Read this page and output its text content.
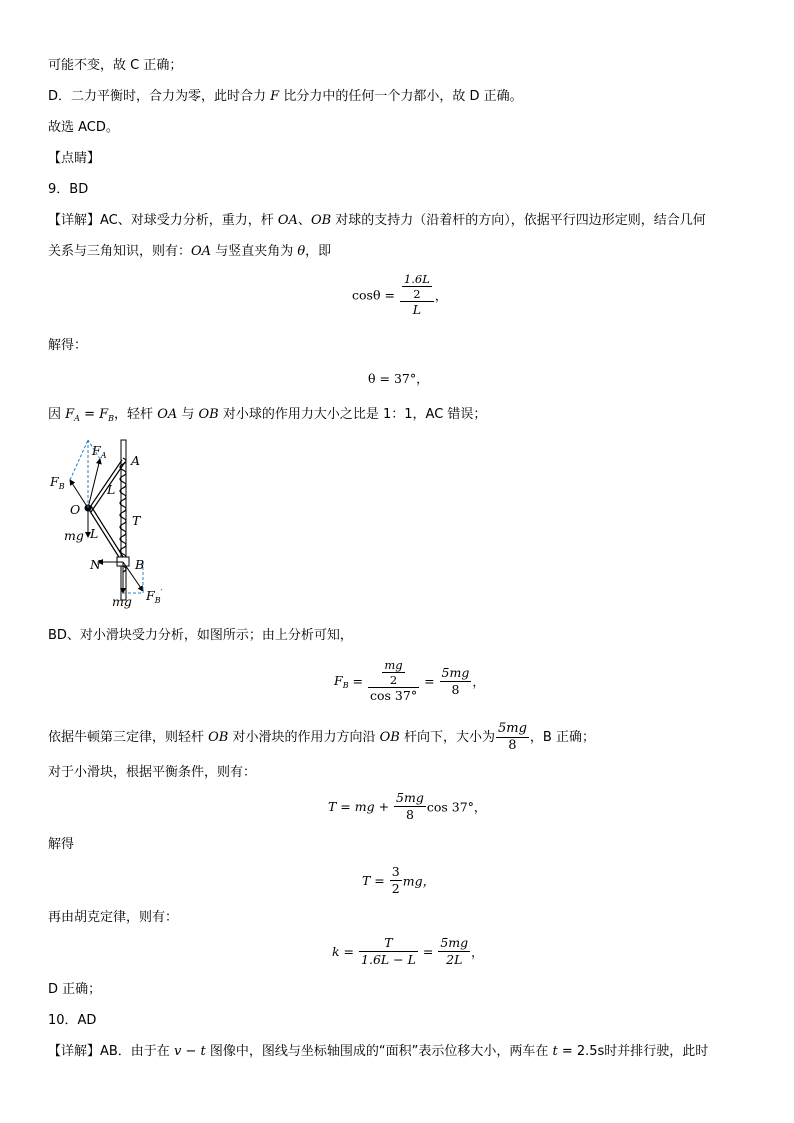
可能不变，故 C 正确；
D．二力平衡时，合力为零，此时合力 F 比分力中的任何一个力都小，故 D 正确。
故选 ACD。
【点睛】
9．BD
【详解】AC、对球受力分析，重力，杆 OA、OB 对球的支持力（沿着杆的方向），依据平行四边形定则，结合几何
关系与三角知识，则有：OA 与竖直夹角为 θ，即
$\cos\theta = \frac{\frac{1.6L}{2}}{L}$ ，
解得：
θ = 37°，
因 $F_A = F_B$，轻杆 OA 与 OB 对小球的作用力大小之比是 1：1，AC 错误；
$F_A$
$F_B$
A
L
O
T
mg L
N	B
mg $F_B'$
BD、对小滑块受力分析，如图所示；由上分析可知，
$F_B = \frac{\frac{mg}{2}}{\cos 37^\circ} = \frac{5mg}{8}$ ，
依据牛顿第三定律，则轻杆 OB 对小滑块的作用力方向沿 OB 杆向下，大小为 $\frac{5mg}{8}$ ，B 正确；
对于小滑块，根据平衡条件，则有：
T = mg + $\frac{5mg}{8}$ cos 37°，
解得
$T = \frac{3}{2}$ mg，
再由胡克定律，则有：
$k = \frac{T}{1.6L - L} = \frac{5mg}{2L}$ ，
D 正确；
10．AD
【详解】AB．由于在 v − t 图像中，图线与坐标轴围成的“面积”表示位移大小，两车在 t = 2.5s时并排行驶，此时
